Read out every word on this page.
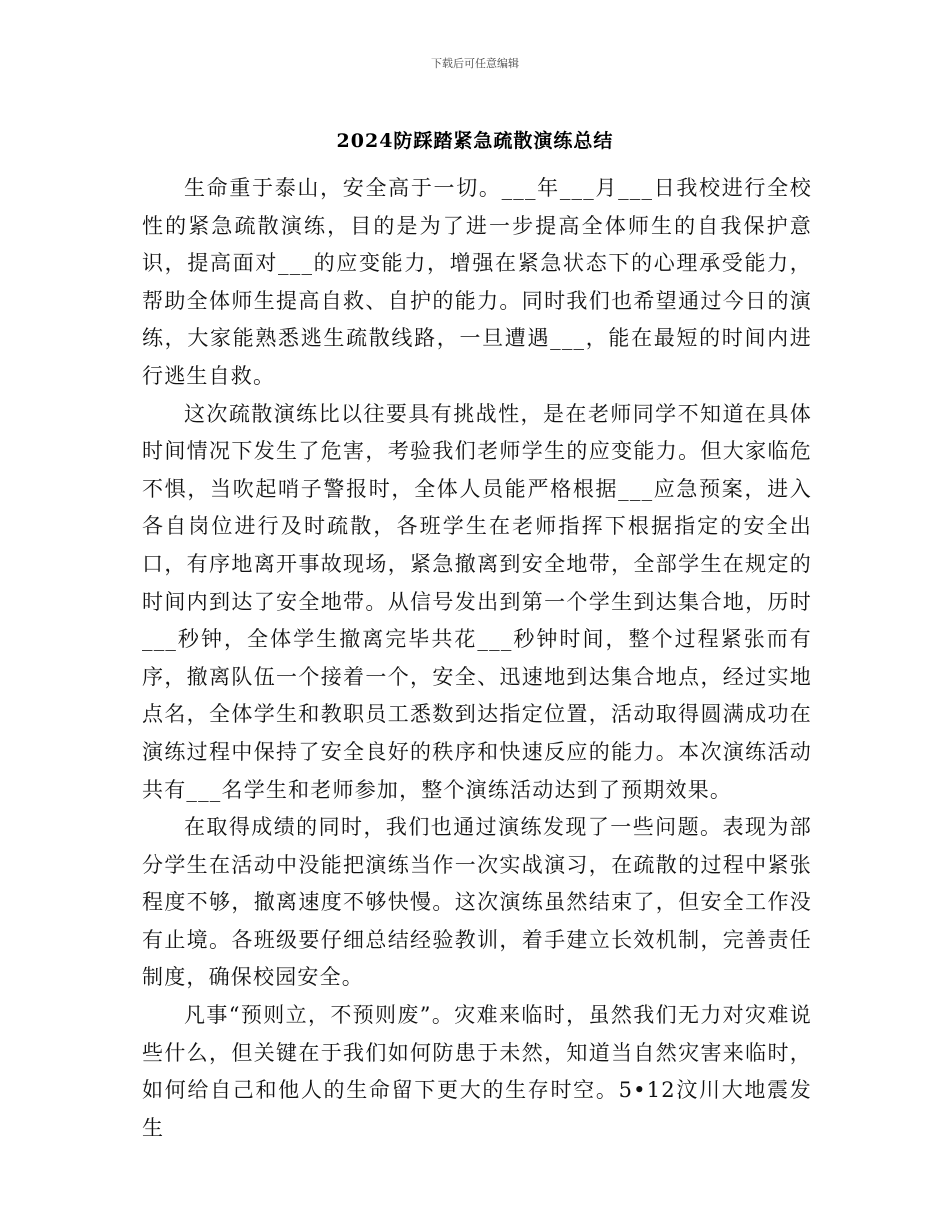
下载后可任意编辑
2024防踩踏紧急疏散演练总结

生命重于泰山，安全高于一切。___年___月___日我校进行全校性的紧急疏散演练，目的是为了进一步提高全体师生的自我保护意识，提高面对___的应变能力，增强在紧急状态下的心理承受能力，帮助全体师生提高自救、自护的能力。同时我们也希望通过今日的演练，大家能熟悉逃生疏散线路，一旦遭遇___，能在最短的时间内进行逃生自救。

这次疏散演练比以往要具有挑战性，是在老师同学不知道在具体时间情况下发生了危害，考验我们老师学生的应变能力。但大家临危不惧，当吹起哨子警报时，全体人员能严格根据___应急预案，进入各自岗位进行及时疏散，各班学生在老师指挥下根据指定的安全出口，有序地离开事故现场，紧急撤离到安全地带，全部学生在规定的时间内到达了安全地带。从信号发出到第一个学生到达集合地，历时___秒钟，全体学生撤离完毕共花___秒钟时间，整个过程紧张而有序，撤离队伍一个接着一个，安全、迅速地到达集合地点，经过实地点名，全体学生和教职员工悉数到达指定位置，活动取得圆满成功在演练过程中保持了安全良好的秩序和快速反应的能力。本次演练活动共有___名学生和老师参加，整个演练活动达到了预期效果。

在取得成绩的同时，我们也通过演练发现了一些问题。表现为部分学生在活动中没能把演练当作一次实战演习，在疏散的过程中紧张程度不够，撤离速度不够快慢。这次演练虽然结束了，但安全工作没有止境。各班级要仔细总结经验教训，着手建立长效机制，完善责任制度，确保校园安全。

凡事“预则立，不预则废”。灾难来临时，虽然我们无力对灾难说些什么，但关键在于我们如何防患于未然，知道当自然灾害来临时，如何给自己和他人的生命留下更大的生存时空。5•12汶川大地震发生
